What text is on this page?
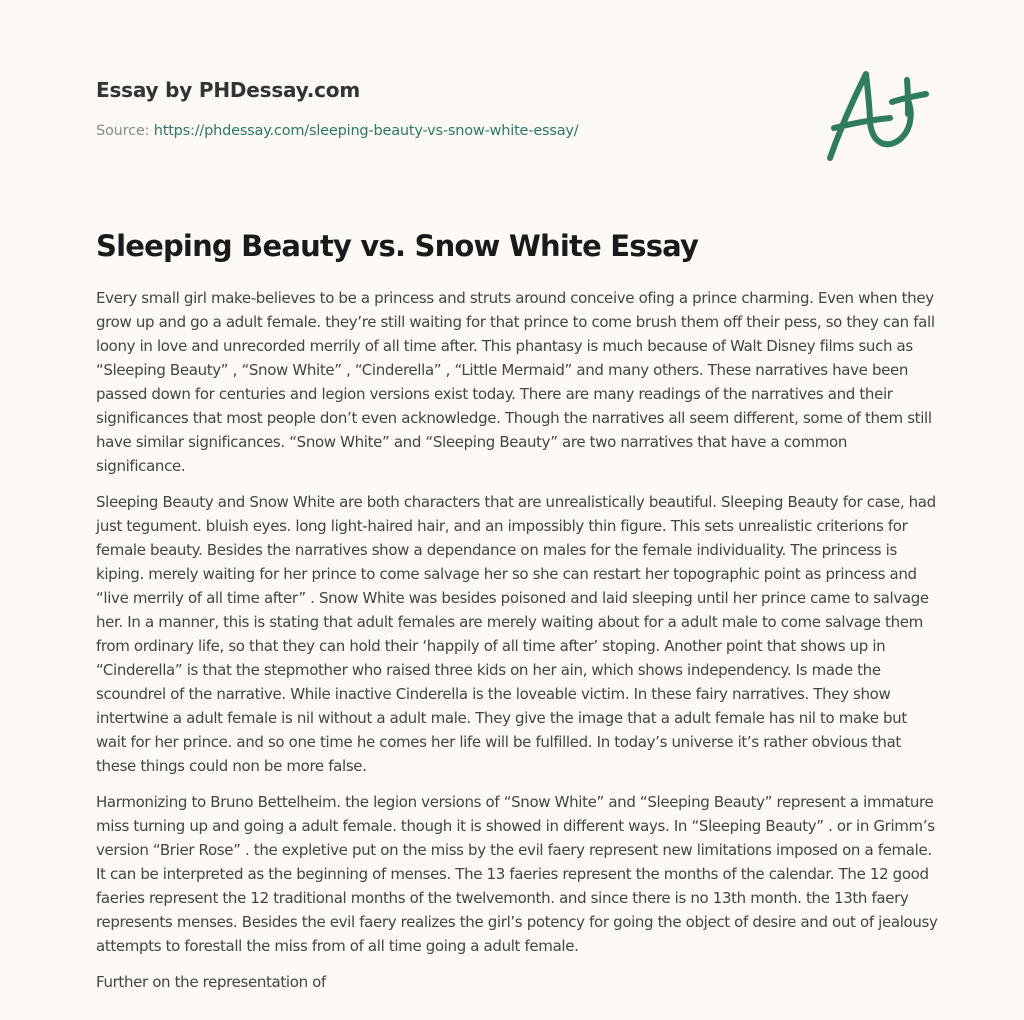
Essay by PHDessay.com
Source: https://phdessay.com/sleeping-beauty-vs-snow-white-essay/
Sleeping Beauty vs. Snow White Essay

Every small girl make-believes to be a princess and struts around conceive ofing a prince charming. Even when they grow up and go a adult female. they’re still waiting for that prince to come brush them off their pess, so they can fall loony in love and unrecorded merrily of all time after. This phantasy is much because of Walt Disney films such as “Sleeping Beauty” , “Snow White” , “Cinderella” , “Little Mermaid” and many others. These narratives have been passed down for centuries and legion versions exist today. There are many readings of the narratives and their significances that most people don’t even acknowledge. Though the narratives all seem different, some of them still have similar significances. “Snow White” and “Sleeping Beauty” are two narratives that have a common significance.

Sleeping Beauty and Snow White are both characters that are unrealistically beautiful. Sleeping Beauty for case, had just tegument. bluish eyes. long light-haired hair, and an impossibly thin figure. This sets unrealistic criterions for female beauty. Besides the narratives show a dependance on males for the female individuality. The princess is kiping. merely waiting for her prince to come salvage her so she can restart her topographic point as princess and “live merrily of all time after” . Snow White was besides poisoned and laid sleeping until her prince came to salvage her. In a manner, this is stating that adult females are merely waiting about for a adult male to come salvage them from ordinary life, so that they can hold their ‘happily of all time after’ stoping. Another point that shows up in “Cinderella” is that the stepmother who raised three kids on her ain, which shows independency. Is made the scoundrel of the narrative. While inactive Cinderella is the loveable victim. In these fairy narratives. They show intertwine a adult female is nil without a adult male. They give the image that a adult female has nil to make but wait for her prince. and so one time he comes her life will be fulfilled. In today’s universe it’s rather obvious that these things could non be more false.

Harmonizing to Bruno Bettelheim. the legion versions of “Snow White” and “Sleeping Beauty” represent a immature miss turning up and going a adult female. though it is showed in different ways. In “Sleeping Beauty” . or in Grimm’s version “Brier Rose” . the expletive put on the miss by the evil faery represent new limitations imposed on a female. It can be interpreted as the beginning of menses. The 13 faeries represent the months of the calendar. The 12 good faeries represent the 12 traditional months of the twelvemonth. and since there is no 13th month. the 13th faery represents menses. Besides the evil faery realizes the girl’s potency for going the object of desire and out of jealousy attempts to forestall the miss from of all time going a adult female.

Further on the representation of
